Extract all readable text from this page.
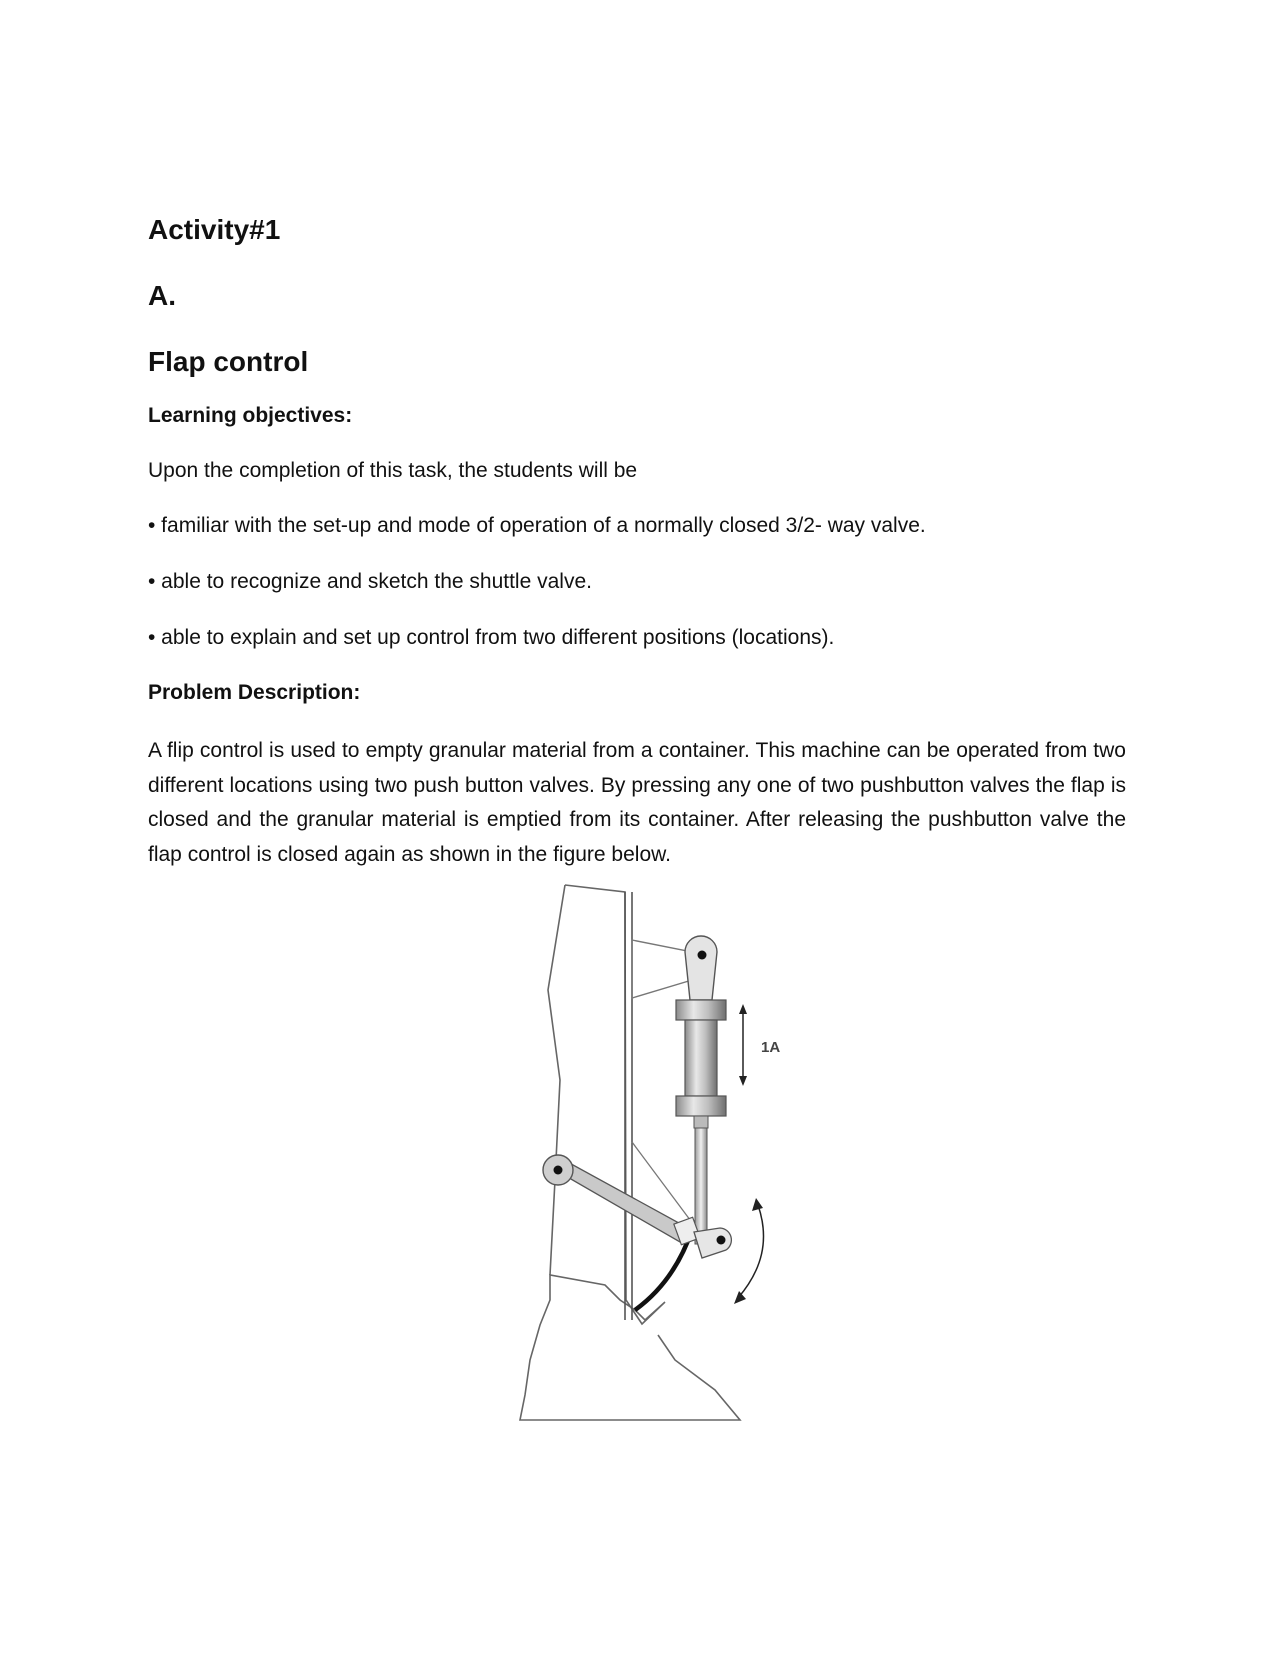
Activity#1
A.
Flap control
Learning objectives:

Upon the completion of this task, the students will be

• familiar with the set-up and mode of operation of a normally closed 3/2- way valve.

• able to recognize and sketch the shuttle valve.

• able to explain and set up control from two different positions (locations).

Problem Description:

A flip control is used to empty granular material from a container. This machine can be operated from two different locations using two push button valves. By pressing any one of two pushbutton valves the flap is closed and the granular material is emptied from its container. After releasing the pushbutton valve the flap control is closed again as shown in the figure below.

1A
